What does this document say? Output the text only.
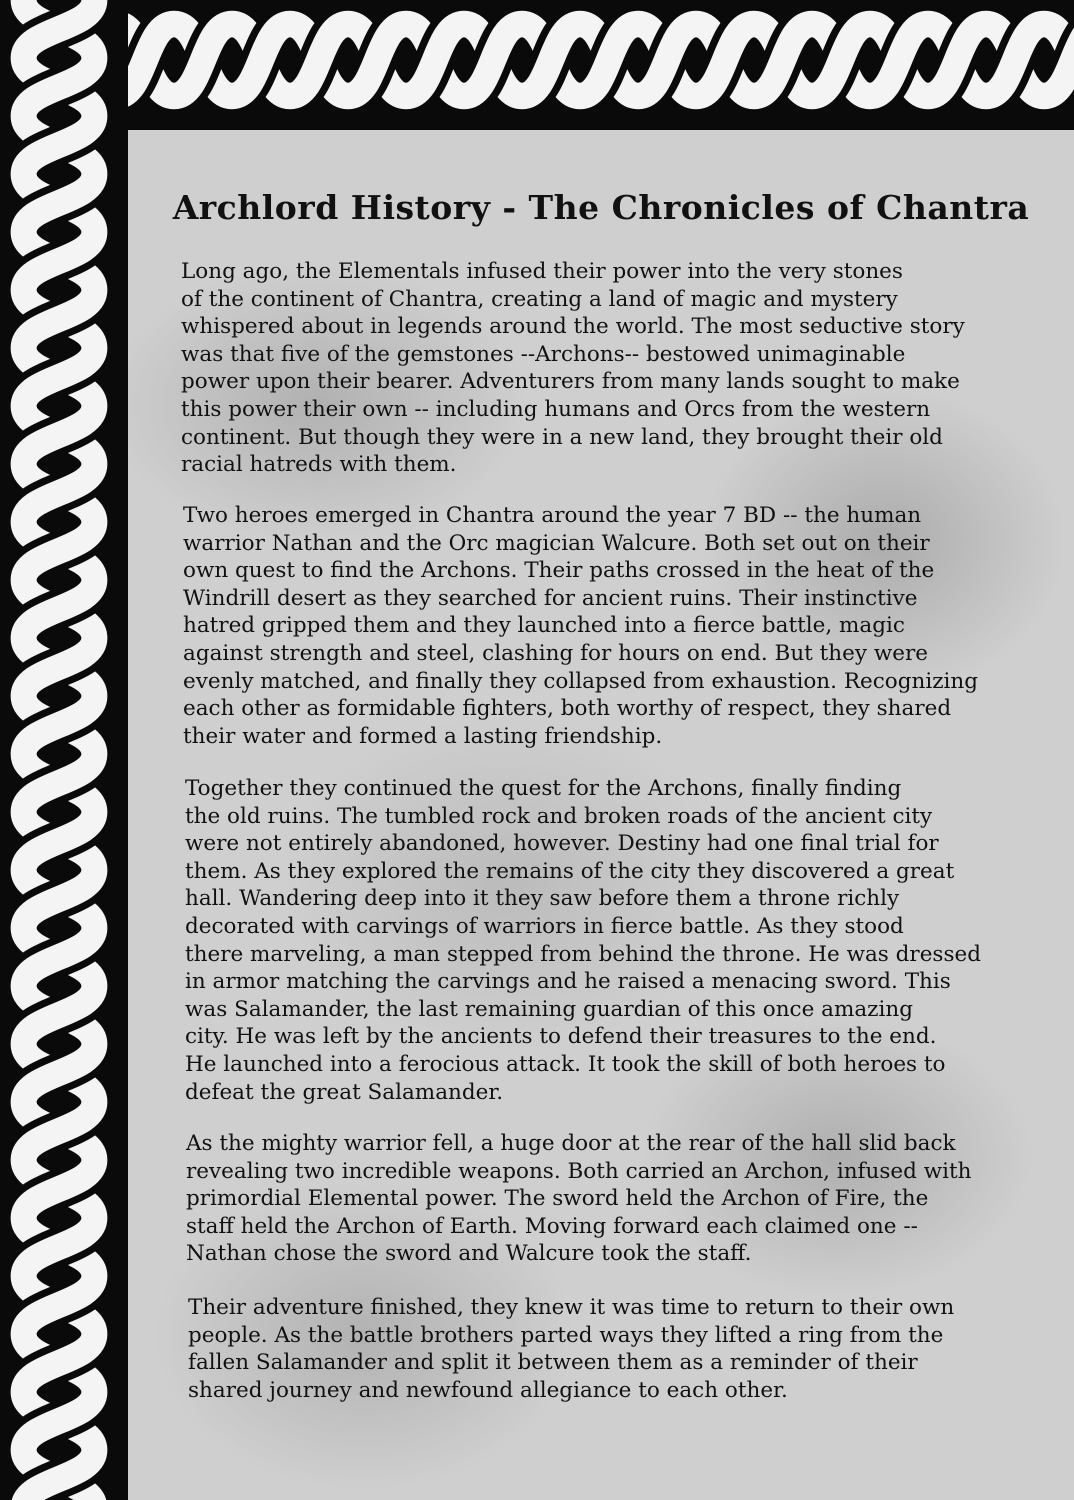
Archlord History - The Chronicles of Chantra

Long ago, the Elementals infused their power into the very stones
of the continent of Chantra, creating a land of magic and mystery
whispered about in legends around the world. The most seductive story
was that five of the gemstones --Archons-- bestowed unimaginable
power upon their bearer. Adventurers from many lands sought to make
this power their own -- including humans and Orcs from the western
continent. But though they were in a new land, they brought their old
racial hatreds with them.

Two heroes emerged in Chantra around the year 7 BD -- the human
warrior Nathan and the Orc magician Walcure. Both set out on their
own quest to find the Archons. Their paths crossed in the heat of the
Windrill desert as they searched for ancient ruins. Their instinctive
hatred gripped them and they launched into a fierce battle, magic
against strength and steel, clashing for hours on end. But they were
evenly matched, and finally they collapsed from exhaustion. Recognizing
each other as formidable fighters, both worthy of respect, they shared
their water and formed a lasting friendship.

Together they continued the quest for the Archons, finally finding
the old ruins. The tumbled rock and broken roads of the ancient city
were not entirely abandoned, however. Destiny had one final trial for
them. As they explored the remains of the city they discovered a great
hall. Wandering deep into it they saw before them a throne richly
decorated with carvings of warriors in fierce battle. As they stood
there marveling, a man stepped from behind the throne. He was dressed
in armor matching the carvings and he raised a menacing sword. This
was Salamander, the last remaining guardian of this once amazing
city. He was left by the ancients to defend their treasures to the end.
He launched into a ferocious attack. It took the skill of both heroes to
defeat the great Salamander.

As the mighty warrior fell, a huge door at the rear of the hall slid back
revealing two incredible weapons. Both carried an Archon, infused with
primordial Elemental power. The sword held the Archon of Fire, the
staff held the Archon of Earth. Moving forward each claimed one --
Nathan chose the sword and Walcure took the staff.

Their adventure finished, they knew it was time to return to their own
people. As the battle brothers parted ways they lifted a ring from the
fallen Salamander and split it between them as a reminder of their
shared journey and newfound allegiance to each other.
